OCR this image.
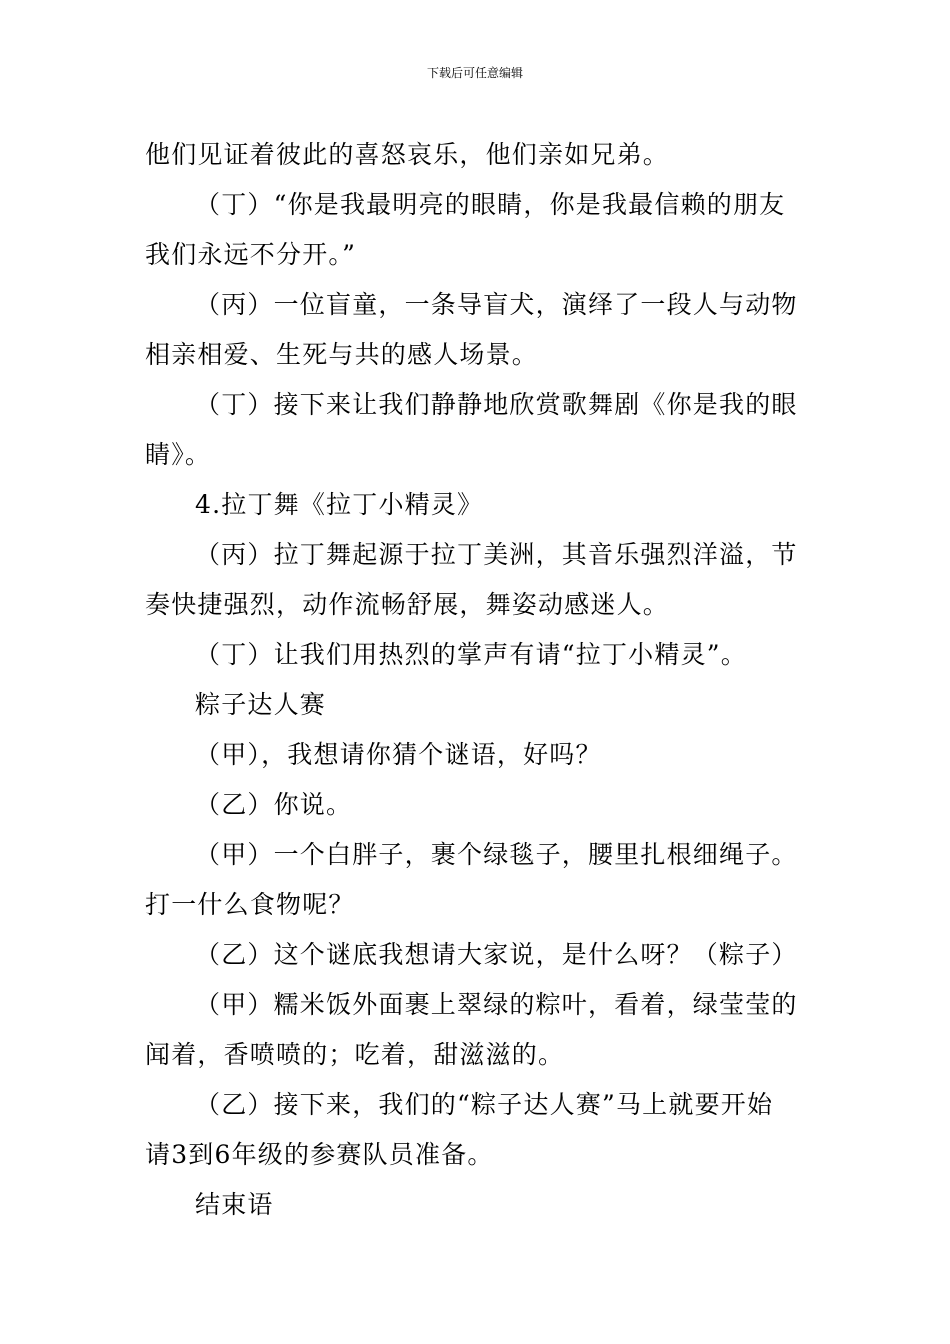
下载后可任意编辑
他们见证着彼此的喜怒哀乐，他们亲如兄弟。
（丁）“你是我最明亮的眼睛，你是我最信赖的朋友
我们永远不分开。”
（丙）一位盲童，一条导盲犬，演绎了一段人与动物
相亲相爱、生死与共的感人场景。
（丁）接下来让我们静静地欣赏歌舞剧《你是我的眼
睛》。
4.拉丁舞《拉丁小精灵》
（丙）拉丁舞起源于拉丁美洲，其音乐强烈洋溢，节
奏快捷强烈，动作流畅舒展，舞姿动感迷人。
（丁）让我们用热烈的掌声有请“拉丁小精灵”。
粽子达人赛
（甲），我想请你猜个谜语，好吗？
（乙）你说。
（甲）一个白胖子，裹个绿毯子，腰里扎根细绳子。
打一什么食物呢？
（乙）这个谜底我想请大家说，是什么呀？（粽子）
（甲）糯米饭外面裹上翠绿的粽叶，看着，绿莹莹的
闻着，香喷喷的；吃着，甜滋滋的。
（乙）接下来，我们的“粽子达人赛”马上就要开始
请3到6年级的参赛队员准备。
结束语
